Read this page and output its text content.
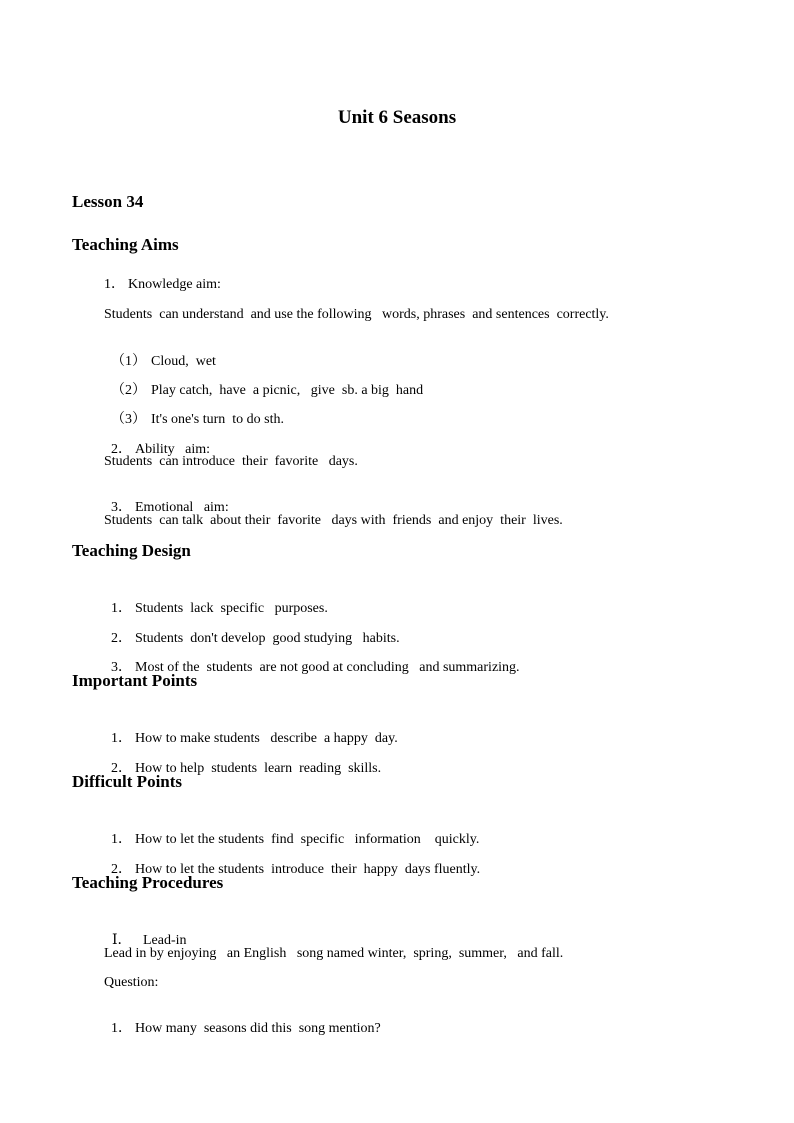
Unit 6 Seasons
Lesson 34
Teaching Aims
1． Knowledge aim:
Students  can understand  and use the following   words, phrases  and sentences  correctly.

（1） Cloud,  wet

（2） Play catch,  have  a picnic,   give  sb. a big  hand

（3） It's one's turn  to do sth.

2． Ability   aim:

Students  can introduce  their  favorite   days.

3． Emotional   aim:

Students  can talk  about their  favorite   days with  friends  and enjoy  their  lives.
Teaching Design

1． Students  lack  specific   purposes.

2． Students  don't develop  good studying   habits.

3． Most of the  students  are not good at concluding   and summarizing.

Important Points

1． How to make students   describe  a happy  day.

2． How to help  students  learn  reading  skills.

Difficult Points

1． How to let the students  find  specific   information    quickly.

2． How to let the students  introduce  their  happy  days fluently.

Teaching Procedures

Ⅰ． Lead-in

Lead in by enjoying   an English   song named winter,  spring,  summer,   and fall.
Question:

1． How many  seasons did this  song mention?
